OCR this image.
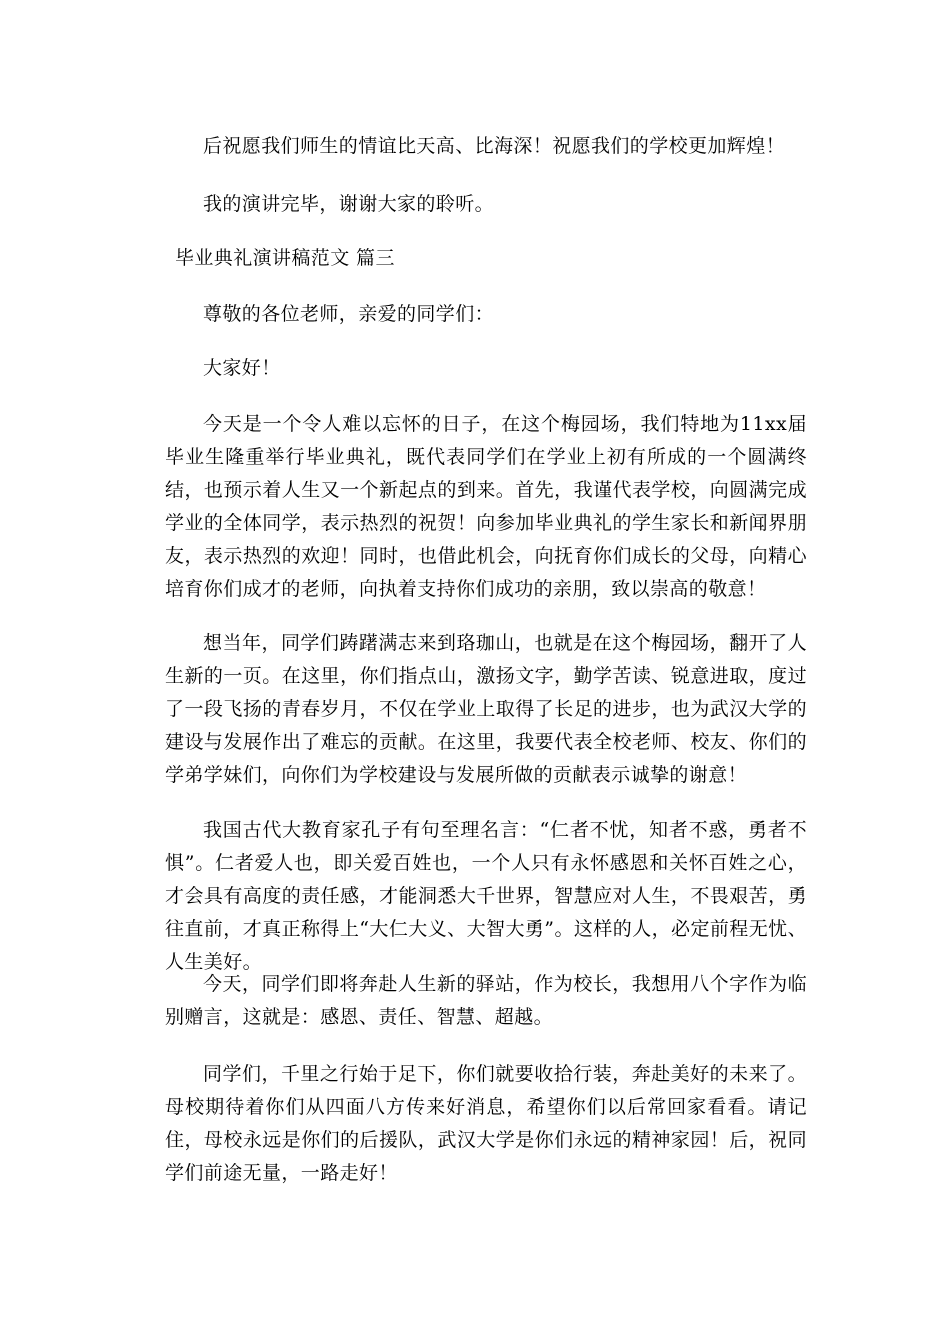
后祝愿我们师生的情谊比天高、比海深！祝愿我们的学校更加辉煌！

我的演讲完毕，谢谢大家的聆听。

毕业典礼演讲稿范文 篇三

尊敬的各位老师，亲爱的同学们：

大家好！

今天是一个令人难以忘怀的日子，在这个梅园场，我们特地为11xx届毕业生隆重举行毕业典礼，既代表同学们在学业上初有所成的一个圆满终结，也预示着人生又一个新起点的到来。首先，我谨代表学校，向圆满完成学业的全体同学，表示热烈的祝贺！向参加毕业典礼的学生家长和新闻界朋友，表示热烈的欢迎！同时，也借此机会，向抚育你们成长的父母，向精心培育你们成才的老师，向执着支持你们成功的亲朋，致以崇高的敬意！

想当年，同学们踌躇满志来到珞珈山，也就是在这个梅园场，翻开了人生新的一页。在这里，你们指点山，激扬文字，勤学苦读、锐意进取，度过了一段飞扬的青春岁月，不仅在学业上取得了长足的进步，也为武汉大学的建设与发展作出了难忘的贡献。在这里，我要代表全校老师、校友、你们的学弟学妹们，向你们为学校建设与发展所做的贡献表示诚挚的谢意！

我国古代大教育家孔子有句至理名言：“仁者不忧，知者不惑，勇者不惧”。仁者爱人也，即关爱百姓也，一个人只有永怀感恩和关怀百姓之心，才会具有高度的责任感，才能洞悉大千世界，智慧应对人生，不畏艰苦，勇往直前，才真正称得上“大仁大义、大智大勇”。这样的人，必定前程无忧、人生美好。

今天，同学们即将奔赴人生新的驿站，作为校长，我想用八个字作为临别赠言，这就是：感恩、责任、智慧、超越。

同学们，千里之行始于足下，你们就要收拾行装，奔赴美好的未来了。母校期待着你们从四面八方传来好消息，希望你们以后常回家看看。请记住，母校永远是你们的后援队，武汉大学是你们永远的精神家园！后，祝同学们前途无量，一路走好！
